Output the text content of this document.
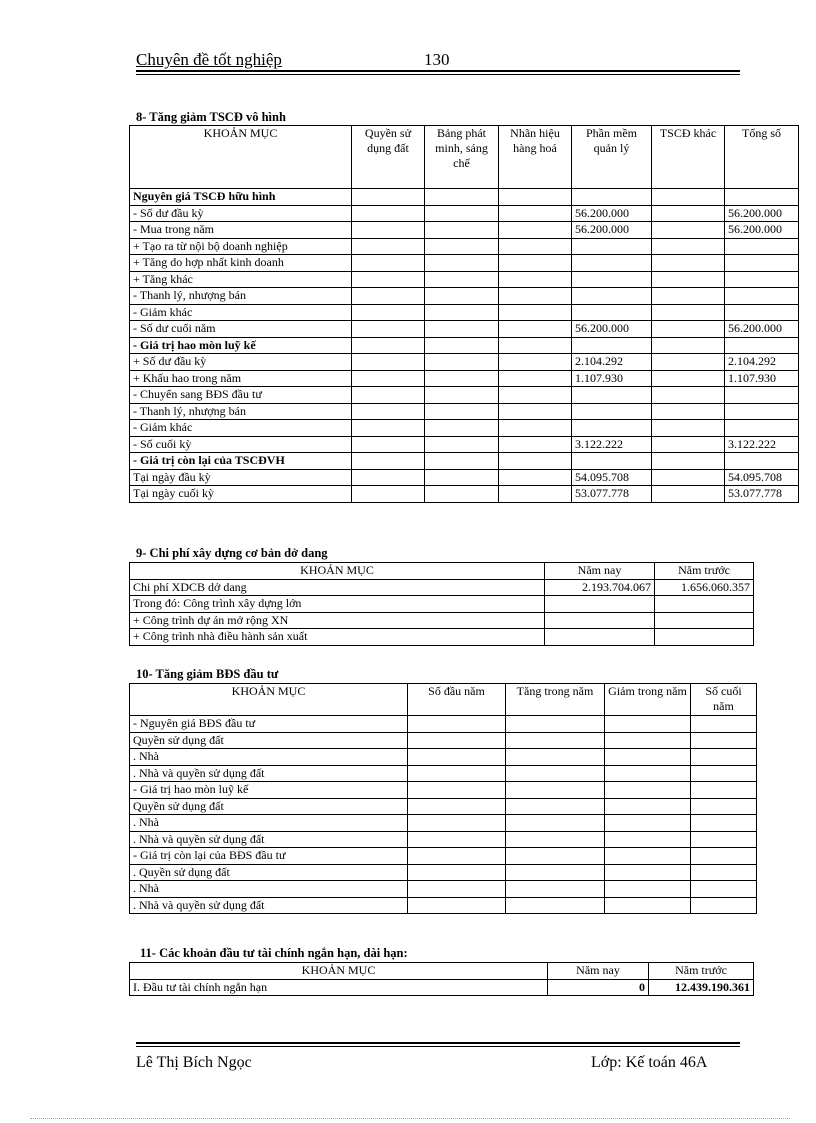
Chuyên đề tốt nghiệp	130
8- Tăng giảm TSCĐ vô hình
KHOẢN MỤC	Quyền sử dụng đất	Bảng phát minh, sáng chế	Nhãn hiệu hàng hoá	Phần mềm quản lý	TSCĐ khác	Tổng số
Nguyên giá TSCĐ hữu hình						
- Số dư đầu kỳ				56.200.000		56.200.000
- Mua trong năm				56.200.000		56.200.000
+ Tạo ra từ nội bộ doanh nghiệp						
+ Tăng do hợp nhất kinh doanh						
+ Tăng khác						
- Thanh lý, nhượng bán						
- Giảm khác						
- Số dư cuối năm				56.200.000		56.200.000
- Giá trị hao mòn luỹ kế						
+ Số dư đầu kỳ				2.104.292		2.104.292
+ Khấu hao trong năm				1.107.930		1.107.930
- Chuyển sang BĐS đầu tư						
- Thanh lý, nhượng bán						
- Giảm khác						
- Số cuối kỳ				3.122.222		3.122.222
- Giá trị còn lại của TSCĐVH						
Tại ngày đầu kỳ				54.095.708		54.095.708
Tại ngày cuối kỳ				53.077.778		53.077.778
9- Chi phí xây dựng cơ bản dở dang
KHOẢN MỤC	Năm nay	Năm trước
Chi phí XDCB dở dang	2.193.704.067	1.656.060.357
Trong đó: Công trình xây dựng lớn		
+ Công trình dự án mở rộng XN		
+ Công trình nhà điều hành sản xuất		
10- Tăng giảm BĐS đầu tư
KHOẢN MỤC	Số đầu năm	Tăng trong năm	Giảm trong năm	Số cuối năm
- Nguyên giá BĐS đầu tư				
Quyền sử dụng đất				
. Nhà				
. Nhà và quyền sử dụng đất				
- Giá trị hao mòn luỹ kế				
Quyền sử dụng đất				
. Nhà				
. Nhà và quyền sử dụng đất				
- Giá trị còn lại của BĐS đầu tư				
. Quyền sử dụng đất				
. Nhà				
. Nhà và quyền sử dụng đất				
11- Các khoản đầu tư tài chính ngắn hạn, dài hạn:
KHOẢN MỤC	Năm nay	Năm trước
I. Đầu tư tài chính ngắn hạn	0	12.439.190.361
Lê Thị Bích Ngọc	Lớp: Kế toán 46A
